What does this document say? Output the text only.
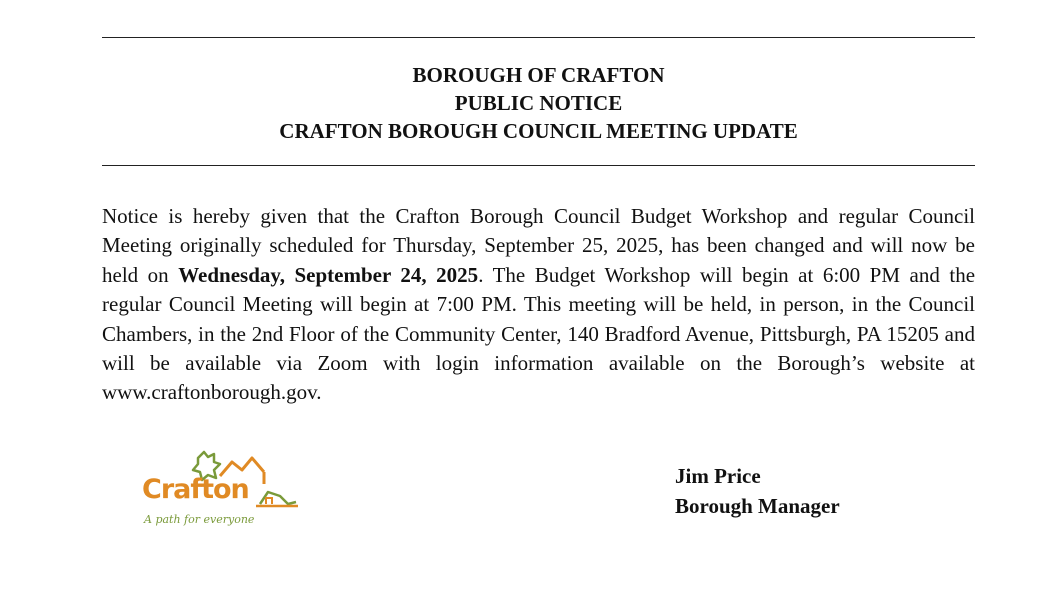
BOROUGH OF CRAFTON
PUBLIC NOTICE
CRAFTON BOROUGH COUNCIL MEETING UPDATE

Notice is hereby given that the Crafton Borough Council Budget Workshop and regular Council Meeting originally scheduled for Thursday, September 25, 2025, has been changed and will now be held on Wednesday, September 24, 2025. The Budget Workshop will begin at 6:00 PM and the regular Council Meeting will begin at 7:00 PM. This meeting will be held, in person, in the Council Chambers, in the 2nd Floor of the Community Center, 140 Bradford Avenue, Pittsburgh, PA 15205 and will be available via Zoom with login information available on the Borough’s website at www.craftonborough.gov.

Crafton
A path for everyone
Jim Price
Borough Manager
